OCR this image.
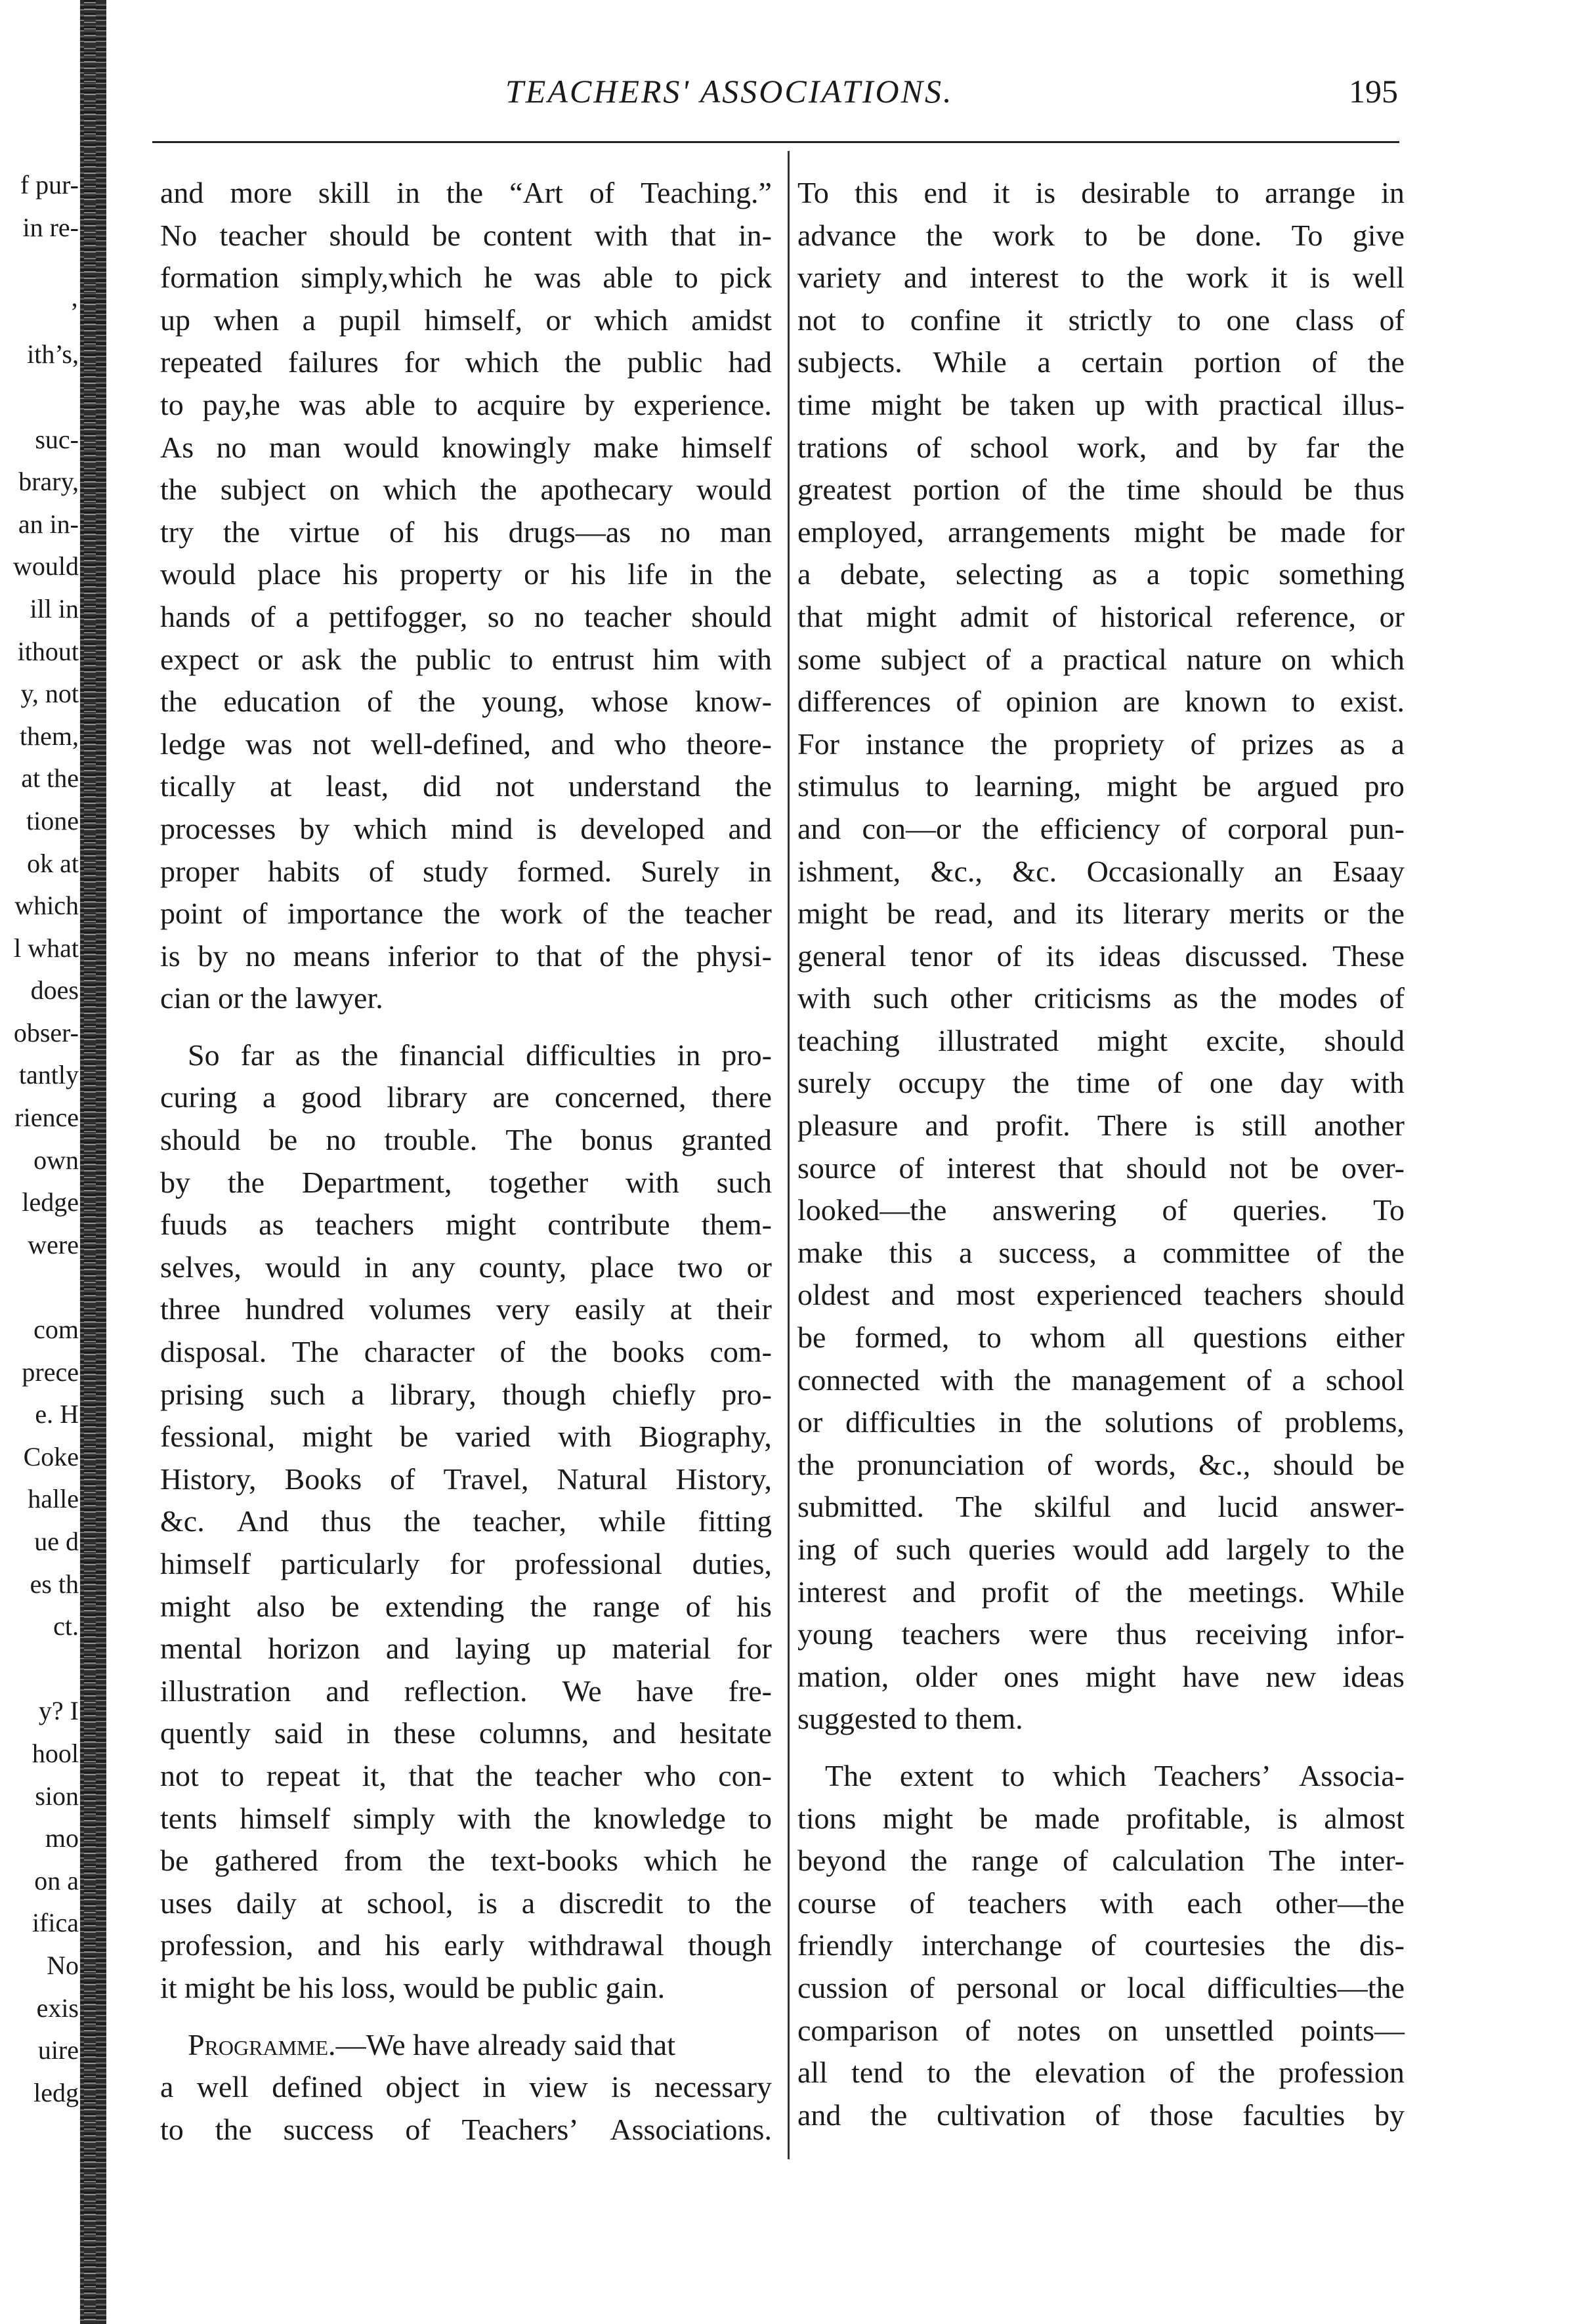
f pur-
in re-
’
ith’s,
suc-
brary,
an in-
would
ill in
ithout
y, not
them,
at the
tione
ok at
which
l what
does
obser-
tantly
rience
own
ledge
were
com
prece
e. H
Coke
halle
ue d
es th
ct.
y? I
hool
sion
mo
on a
ifica
No
exis
uire
ledg
TEACHERS' ASSOCIATIONS.	195
and more skill in the “Art of Teaching.”
No teacher should be content with that in-
formation simply,which he was able to pick
up when a pupil himself, or which amidst
repeated failures for which the public had
to pay,he was able to acquire by experience.
As no man would knowingly make himself
the subject on which the apothecary would
try the virtue of his drugs—as no man
would place his property or his life in the
hands of a pettifogger, so no teacher should
expect or ask the public to entrust him with
the education of the young, whose know-
ledge was not well-defined, and who theore-
tically at least, did not understand the
processes by which mind is developed and
proper habits of study formed. Surely in
point of importance the work of the teacher
is by no means inferior to that of the physi-
cian or the lawyer.
So far as the financial difficulties in pro-
curing a good library are concerned, there
should be no trouble. The bonus granted
by the Department, together with such
fuuds as teachers might contribute them-
selves, would in any county, place two or
three hundred volumes very easily at their
disposal. The character of the books com-
prising such a library, though chiefly pro-
fessional, might be varied with Biography,
History, Books of Travel, Natural History,
&c. And thus the teacher, while fitting
himself particularly for professional duties,
might also be extending the range of his
mental horizon and laying up material for
illustration and reflection. We have fre-
quently said in these columns, and hesitate
not to repeat it, that the teacher who con-
tents himself simply with the knowledge to
be gathered from the text-books which he
uses daily at school, is a discredit to the
profession, and his early withdrawal though
it might be his loss, would be public gain.
Programme.—We have already said that
a well defined object in view is necessary
to the success of Teachers’ Associations.
To this end it is desirable to arrange in
advance the work to be done. To give
variety and interest to the work it is well
not to confine it strictly to one class of
subjects. While a certain portion of the
time might be taken up with practical illus-
trations of school work, and by far the
greatest portion of the time should be thus
employed, arrangements might be made for
a debate, selecting as a topic something
that might admit of historical reference, or
some subject of a practical nature on which
differences of opinion are known to exist.
For instance the propriety of prizes as a
stimulus to learning, might be argued pro
and con—or the efficiency of corporal pun-
ishment, &c., &c. Occasionally an Esaay
might be read, and its literary merits or the
general tenor of its ideas discussed. These
with such other criticisms as the modes of
teaching illustrated might excite, should
surely occupy the time of one day with
pleasure and profit. There is still another
source of interest that should not be over-
looked—the answering of queries. To
make this a success, a committee of the
oldest and most experienced teachers should
be formed, to whom all questions either
connected with the management of a school
or difficulties in the solutions of problems,
the pronunciation of words, &c., should be
submitted. The skilful and lucid answer-
ing of such queries would add largely to the
interest and profit of the meetings. While
young teachers were thus receiving infor-
mation, older ones might have new ideas
suggested to them.
The extent to which Teachers’ Associa-
tions might be made profitable, is almost
beyond the range of calculation The inter-
course of teachers with each other—the
friendly interchange of courtesies the dis-
cussion of personal or local difficulties—the
comparison of notes on unsettled points—
all tend to the elevation of the profession
and the cultivation of those faculties by
